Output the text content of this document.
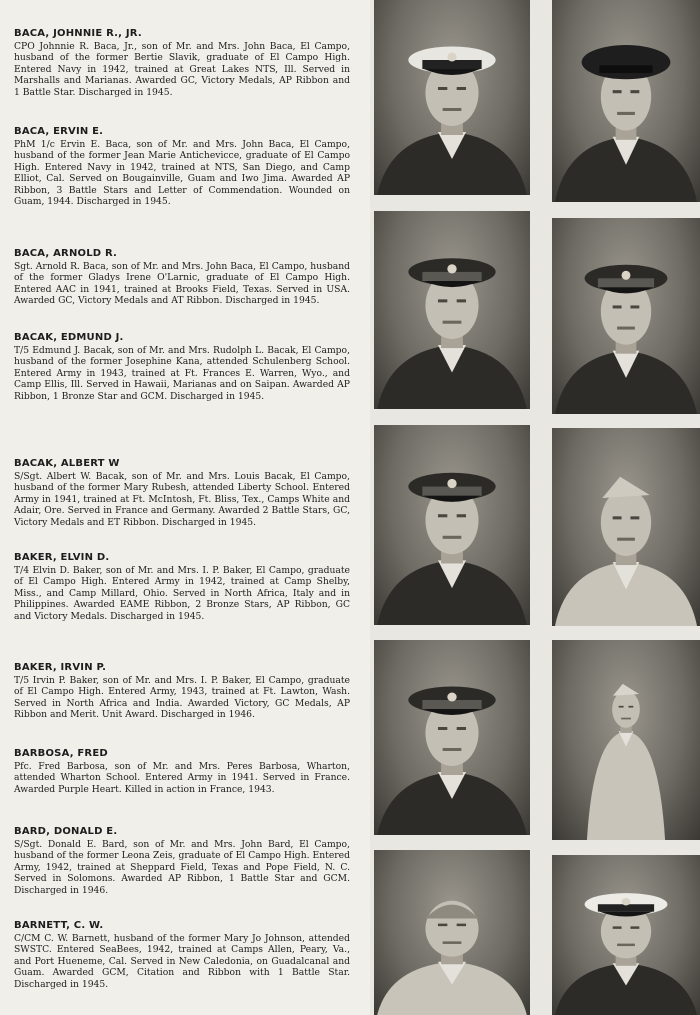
BACA, JOHNNIE R., JR.

CPO Johnnie R. Baca, Jr., son of Mr. and Mrs. John Baca, El Campo, husband of the former Bertie Slavik, graduate of El Campo High. Entered Navy in 1942, trained at Great Lakes NTS, Ill. Served in Marshalls and Marianas. Awarded GC, Victory Medals, AP Ribbon and 1 Battle Star. Discharged in 1945.

BACA, ERVIN E.

PhM 1/c Ervin E. Baca, son of Mr. and Mrs. John Baca, El Campo, husband of the former Jean Marie Antichevicce, graduate of El Campo High. Entered Navy in 1942, trained at NTS, San Diego, and Camp Elliot, Cal. Served on Bougainville, Guam and Iwo Jima. Awarded AP Ribbon, 3 Battle Stars and Letter of Commendation. Wounded on Guam, 1944. Discharged in 1945.

BACA, ARNOLD R.

Sgt. Arnold R. Baca, son of Mr. and Mrs. John Baca, El Campo, husband of the former Gladys Irene O'Larnic, graduate of El Campo High. Entered AAC in 1941, trained at Brooks Field, Texas. Served in USA. Awarded GC, Victory Medals and AT Ribbon. Discharged in 1945.

BACAK, EDMUND J.

T/5 Edmund J. Bacak, son of Mr. and Mrs. Rudolph L. Bacak, El Campo, husband of the former Josephine Kana, attended Schulenberg School. Entered Army in 1943, trained at Ft. Frances E. Warren, Wyo., and Camp Ellis, Ill. Served in Hawaii, Marianas and on Saipan. Awarded AP Ribbon, 1 Bronze Star and GCM. Discharged in 1945.

BACAK, ALBERT W

S/Sgt. Albert W. Bacak, son of Mr. and Mrs. Louis Bacak, El Campo, husband of the former Mary Rubesh, attended Liberty School. Entered Army in 1941, trained at Ft. McIntosh, Ft. Bliss, Tex., Camps White and Adair, Ore. Served in France and Germany. Awarded 2 Battle Stars, GC, Victory Medals and ET Ribbon. Discharged in 1945.

BAKER, ELVIN D.

T/4 Elvin D. Baker, son of Mr. and Mrs. I. P. Baker, El Campo, graduate of El Campo High. Entered Army in 1942, trained at Camp Shelby, Miss., and Camp Millard, Ohio. Served in North Africa, Italy and in Philippines. Awarded EAME Ribbon, 2 Bronze Stars, AP Ribbon, GC and Victory Medals. Discharged in 1945.

BAKER, IRVIN P.

T/5 Irvin P. Baker, son of Mr. and Mrs. I. P. Baker, El Campo, graduate of El Campo High. Entered Army, 1943, trained at Ft. Lawton, Wash. Served in North Africa and India. Awarded Victory, GC Medals, AP Ribbon and Merit. Unit Award. Discharged in 1946.

BARBOSA, FRED

Pfc. Fred Barbosa, son of Mr. and Mrs. Peres Barbosa, Wharton, attended Wharton School. Entered Army in 1941. Served in France. Awarded Purple Heart. Killed in action in France, 1943.

BARD, DONALD E.

S/Sgt. Donald E. Bard, son of Mr. and Mrs. John Bard, El Campo, husband of the former Leona Zeis, graduate of El Campo High. Entered Army, 1942, trained at Sheppard Field, Texas and Pope Field, N. C. Served in Solomons. Awarded AP Ribbon, 1 Battle Star and GCM. Discharged in 1946.

BARNETT, C. W.

C/CM C. W. Barnett, husband of the former Mary Jo Johnson, attended SWSTC. Entered SeaBees, 1942, trained at Camps Allen, Peary, Va., and Port Hueneme, Cal. Served in New Caledonia, on Guadalcanal and Guam. Awarded GCM, Citation and Ribbon with 1 Battle Star. Discharged in 1945.
